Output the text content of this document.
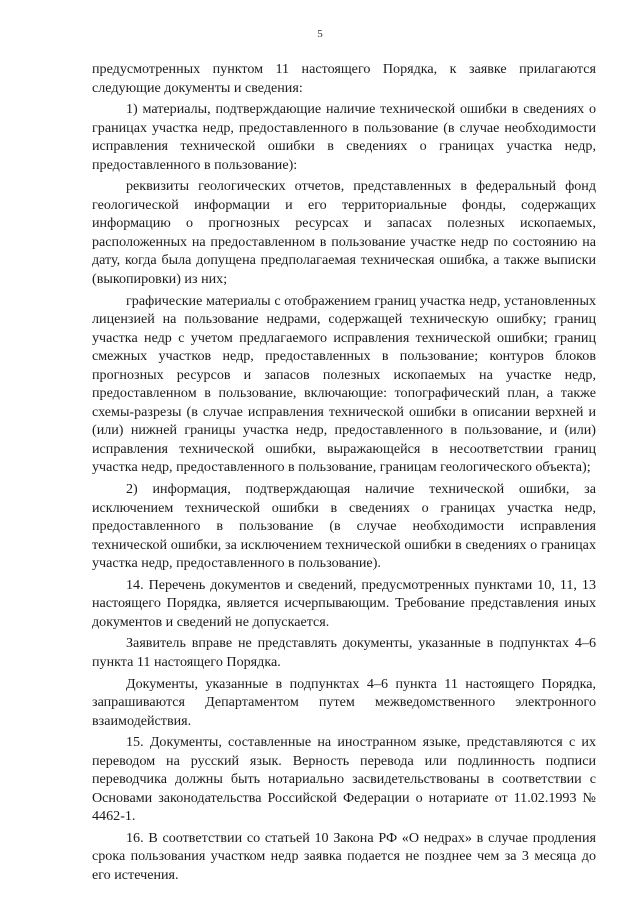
5

предусмотренных пунктом 11 настоящего Порядка, к заявке прилагаются следующие документы и сведения:

1) материалы, подтверждающие наличие технической ошибки в сведениях о границах участка недр, предоставленного в пользование (в случае необходимости исправления технической ошибки в сведениях о границах участка недр, предоставленного в пользование):

реквизиты геологических отчетов, представленных в федеральный фонд геологической информации и его территориальные фонды, содержащих информацию о прогнозных ресурсах и запасах полезных ископаемых, расположенных на предоставленном в пользование участке недр по состоянию на дату, когда была допущена предполагаемая техническая ошибка, а также выписки (выкопировки) из них;

графические материалы с отображением границ участка недр, установленных лицензией на пользование недрами, содержащей техническую ошибку; границ участка недр с учетом предлагаемого исправления технической ошибки; границ смежных участков недр, предоставленных в пользование; контуров блоков прогнозных ресурсов и запасов полезных ископаемых на участке недр, предоставленном в пользование, включающие: топографический план, а также схемы-разрезы (в случае исправления технической ошибки в описании верхней и (или) нижней границы участка недр, предоставленного в пользование, и (или) исправления технической ошибки, выражающейся в несоответствии границ участка недр, предоставленного в пользование, границам геологического объекта);

2) информация, подтверждающая наличие технической ошибки, за исключением технической ошибки в сведениях о границах участка недр, предоставленного в пользование (в случае необходимости исправления технической ошибки, за исключением технической ошибки в сведениях о границах участка недр, предоставленного в пользование).

14. Перечень документов и сведений, предусмотренных пунктами 10, 11, 13 настоящего Порядка, является исчерпывающим. Требование представления иных документов и сведений не допускается.

Заявитель вправе не представлять документы, указанные в подпунктах 4–6 пункта 11 настоящего Порядка.

Документы, указанные в подпунктах 4–6 пункта 11 настоящего Порядка, запрашиваются Департаментом путем межведомственного электронного взаимодействия.

15. Документы, составленные на иностранном языке, представляются с их переводом на русский язык. Верность перевода или подлинность подписи переводчика должны быть нотариально засвидетельствованы в соответствии с Основами законодательства Российской Федерации о нотариате от 11.02.1993 № 4462-1.

16. В соответствии со статьей 10 Закона РФ «О недрах» в случае продления срока пользования участком недр заявка подается не позднее чем за 3 месяца до его истечения.
